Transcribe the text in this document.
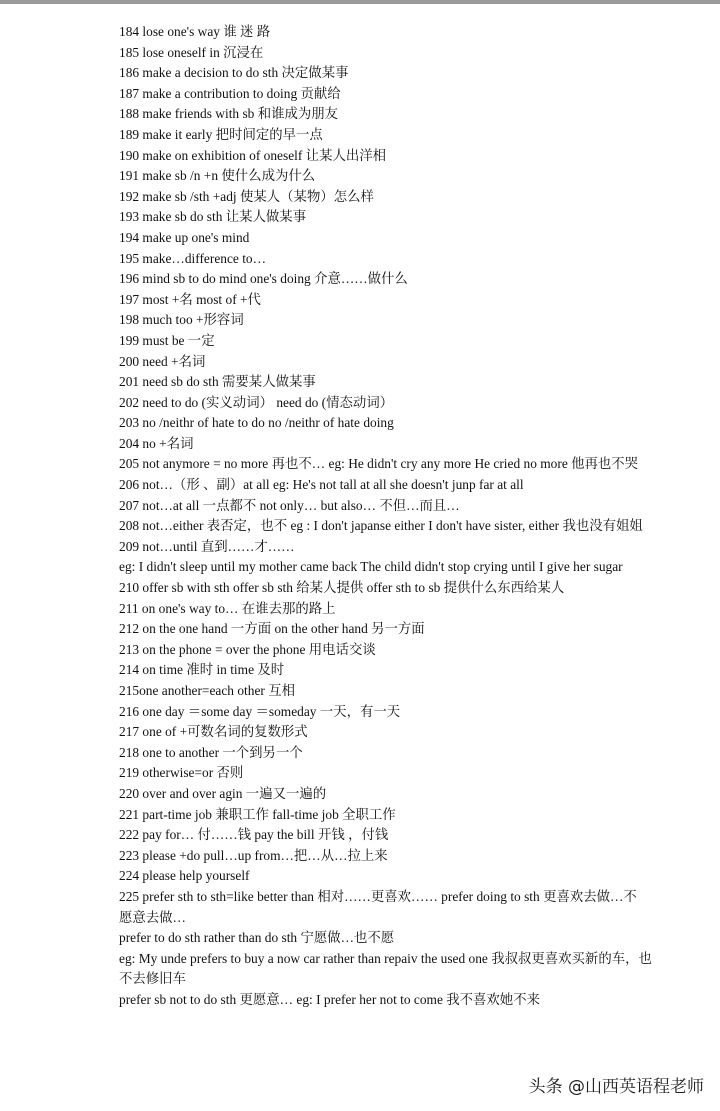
184 lose one's way 谁 迷 路
185 lose oneself in 沉浸在
186 make a decision to do sth 决定做某事
187 make a contribution to doing 贡献给
188 make friends with sb 和谁成为朋友
189 make it early 把时间定的早一点
190 make on exhibition of oneself 让某人出洋相
191 make sb /n +n 使什么成为什么
192 make sb /sth +adj 使某人（某物）怎么样
193 make sb do sth 让某人做某事
194 make up one's mind
195 make…difference to…
196 mind sb to do mind one's doing 介意……做什么
197 most +名 most of +代
198 much too +形容词
199 must be 一定
200 need +名词
201 need sb do sth 需要某人做某事
202 need to do (实义动词） need do (情态动词）
203 no /neithr of hate to do no /neithr of hate doing
204 no +名词
205 not anymore = no more 再也不… eg: He didn't cry any more He cried no more 他再也不哭
206 not…（形 、副）at all eg: He's not tall at all she doesn't junp far at all
207 not…at all 一点都不 not only… but also… 不但…而且…
208 not…either 表否定，也不 eg : I don't japanse either I don't have sister, either 我也没有姐姐
209 not…until 直到……才……
eg: I didn't sleep until my mother came back The child didn't stop crying until I give her sugar
210 offer sb with sth offer sb sth 给某人提供 offer sth to sb 提供什么东西给某人
211 on one's way to… 在谁去那的路上
212 on the one hand 一方面 on the other hand 另一方面
213 on the phone = over the phone 用电话交谈
214 on time 准时 in time 及时
215one another=each other 互相
216 one day ＝some day ＝someday 一天，有一天
217 one of +可数名词的复数形式
218 one to another 一个到另一个
219 otherwise=or 否则
220 over and over agin 一遍又一遍的
221 part-time job 兼职工作 fall-time job 全职工作
222 pay for… 付……钱 pay the bill 开钱 ，付钱
223 please +do pull…up from…把…从…拉上来
224 please help yourself
225 prefer sth to sth=like better than 相对……更喜欢…… prefer doing to sth 更喜欢去做…不
愿意去做…
prefer to do sth rather than do sth 宁愿做…也不愿
eg: My unde prefers to buy a now car rather than repaiv the used one 我叔叔更喜欢买新的车，也
不去修旧车
prefer sb not to do sth 更愿意… eg: I prefer her not to come 我不喜欢她不来
头条 @山西英语程老师
